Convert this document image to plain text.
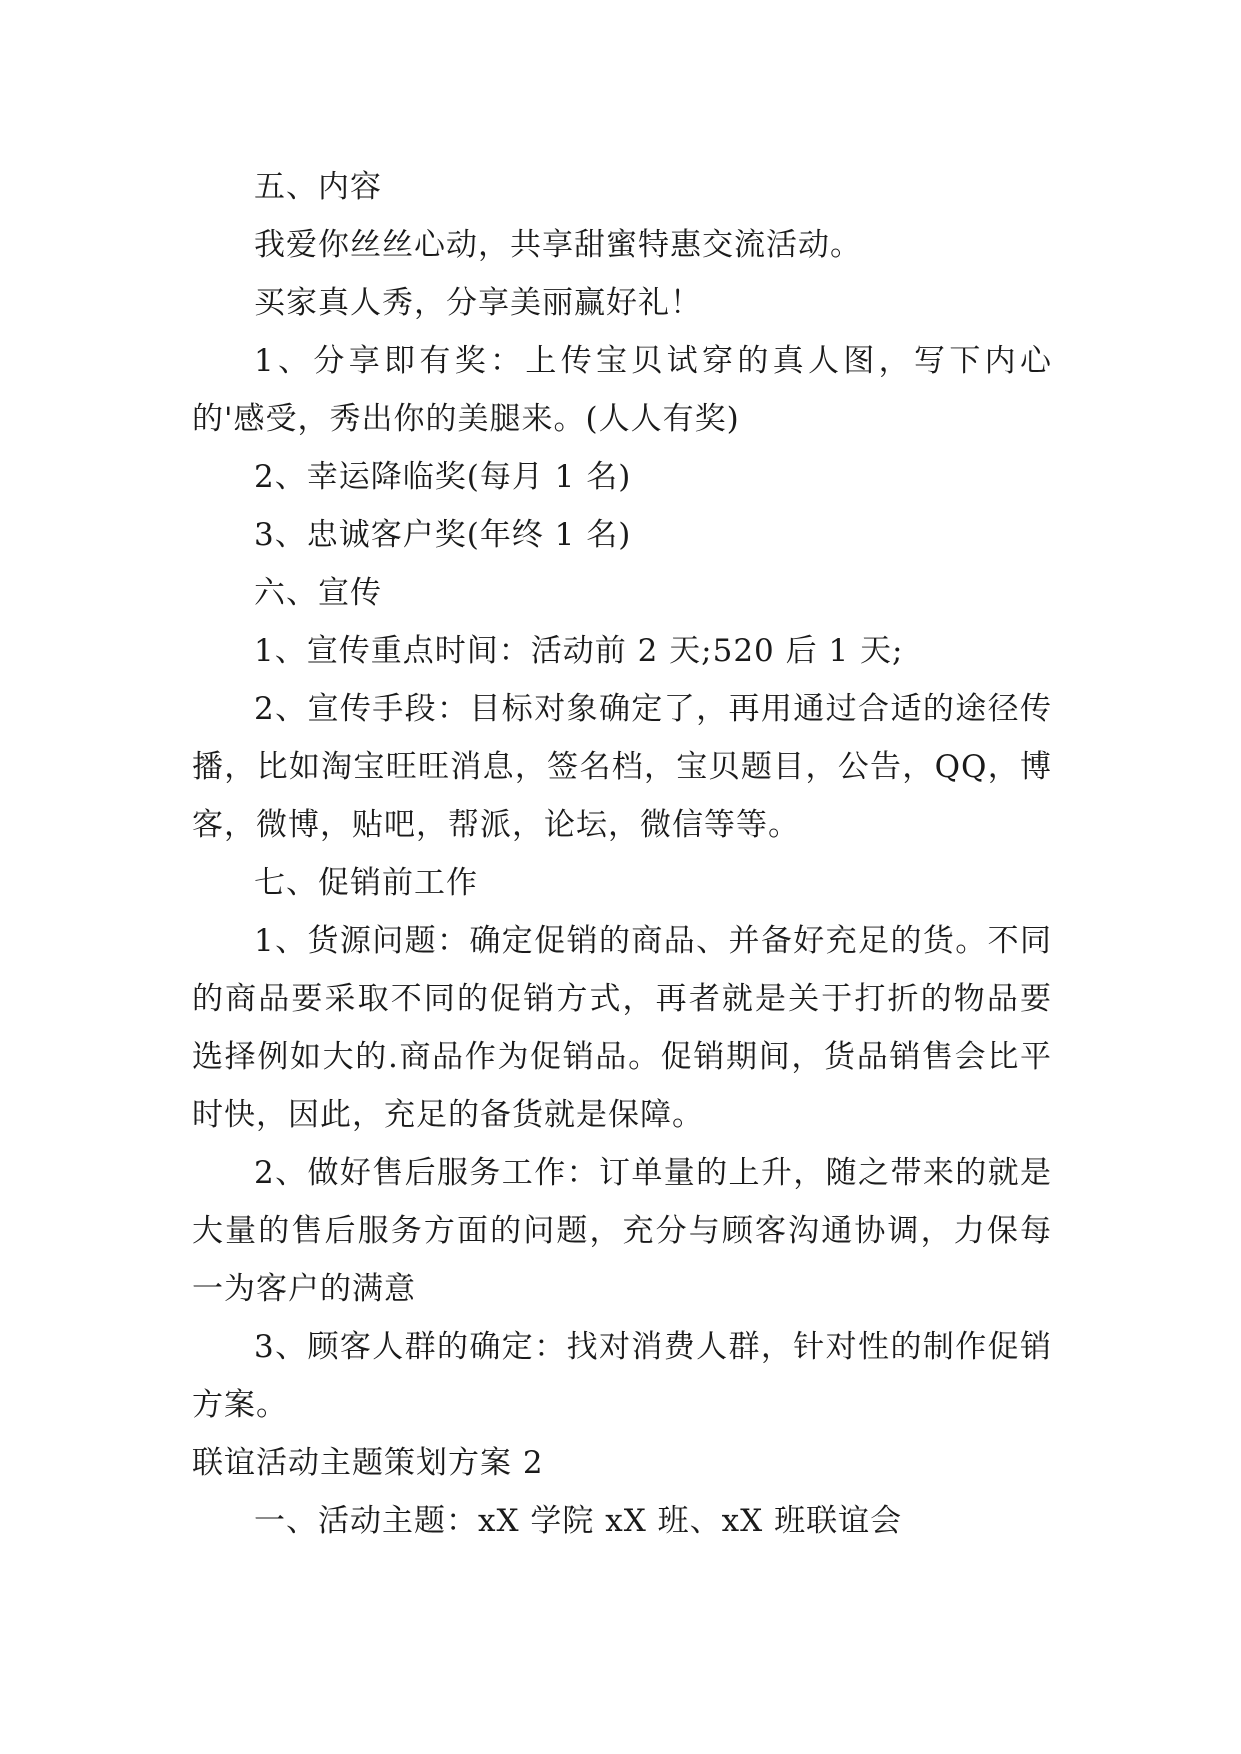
五、内容

我爱你丝丝心动，共享甜蜜特惠交流活动。

买家真人秀，分享美丽赢好礼！

1、分享即有奖：上传宝贝试穿的真人图，写下内心的'感受，秀出你的美腿来。(人人有奖)

2、幸运降临奖(每月 1 名)

3、忠诚客户奖(年终 1 名)

六、宣传

1、宣传重点时间：活动前 2 天;520 后 1 天;

2、宣传手段：目标对象确定了，再用通过合适的途径传播，比如淘宝旺旺消息，签名档，宝贝题目，公告，QQ，博客，微博，贴吧，帮派，论坛，微信等等。

七、促销前工作

1、货源问题：确定促销的商品、并备好充足的货。不同的商品要采取不同的促销方式，再者就是关于打折的物品要选择例如大的.商品作为促销品。促销期间，货品销售会比平时快，因此，充足的备货就是保障。

2、做好售后服务工作：订单量的上升，随之带来的就是大量的售后服务方面的问题，充分与顾客沟通协调，力保每一为客户的满意

3、顾客人群的确定：找对消费人群，针对性的制作促销方案。

联谊活动主题策划方案 2

一、活动主题：xX 学院 xX 班、xX 班联谊会
